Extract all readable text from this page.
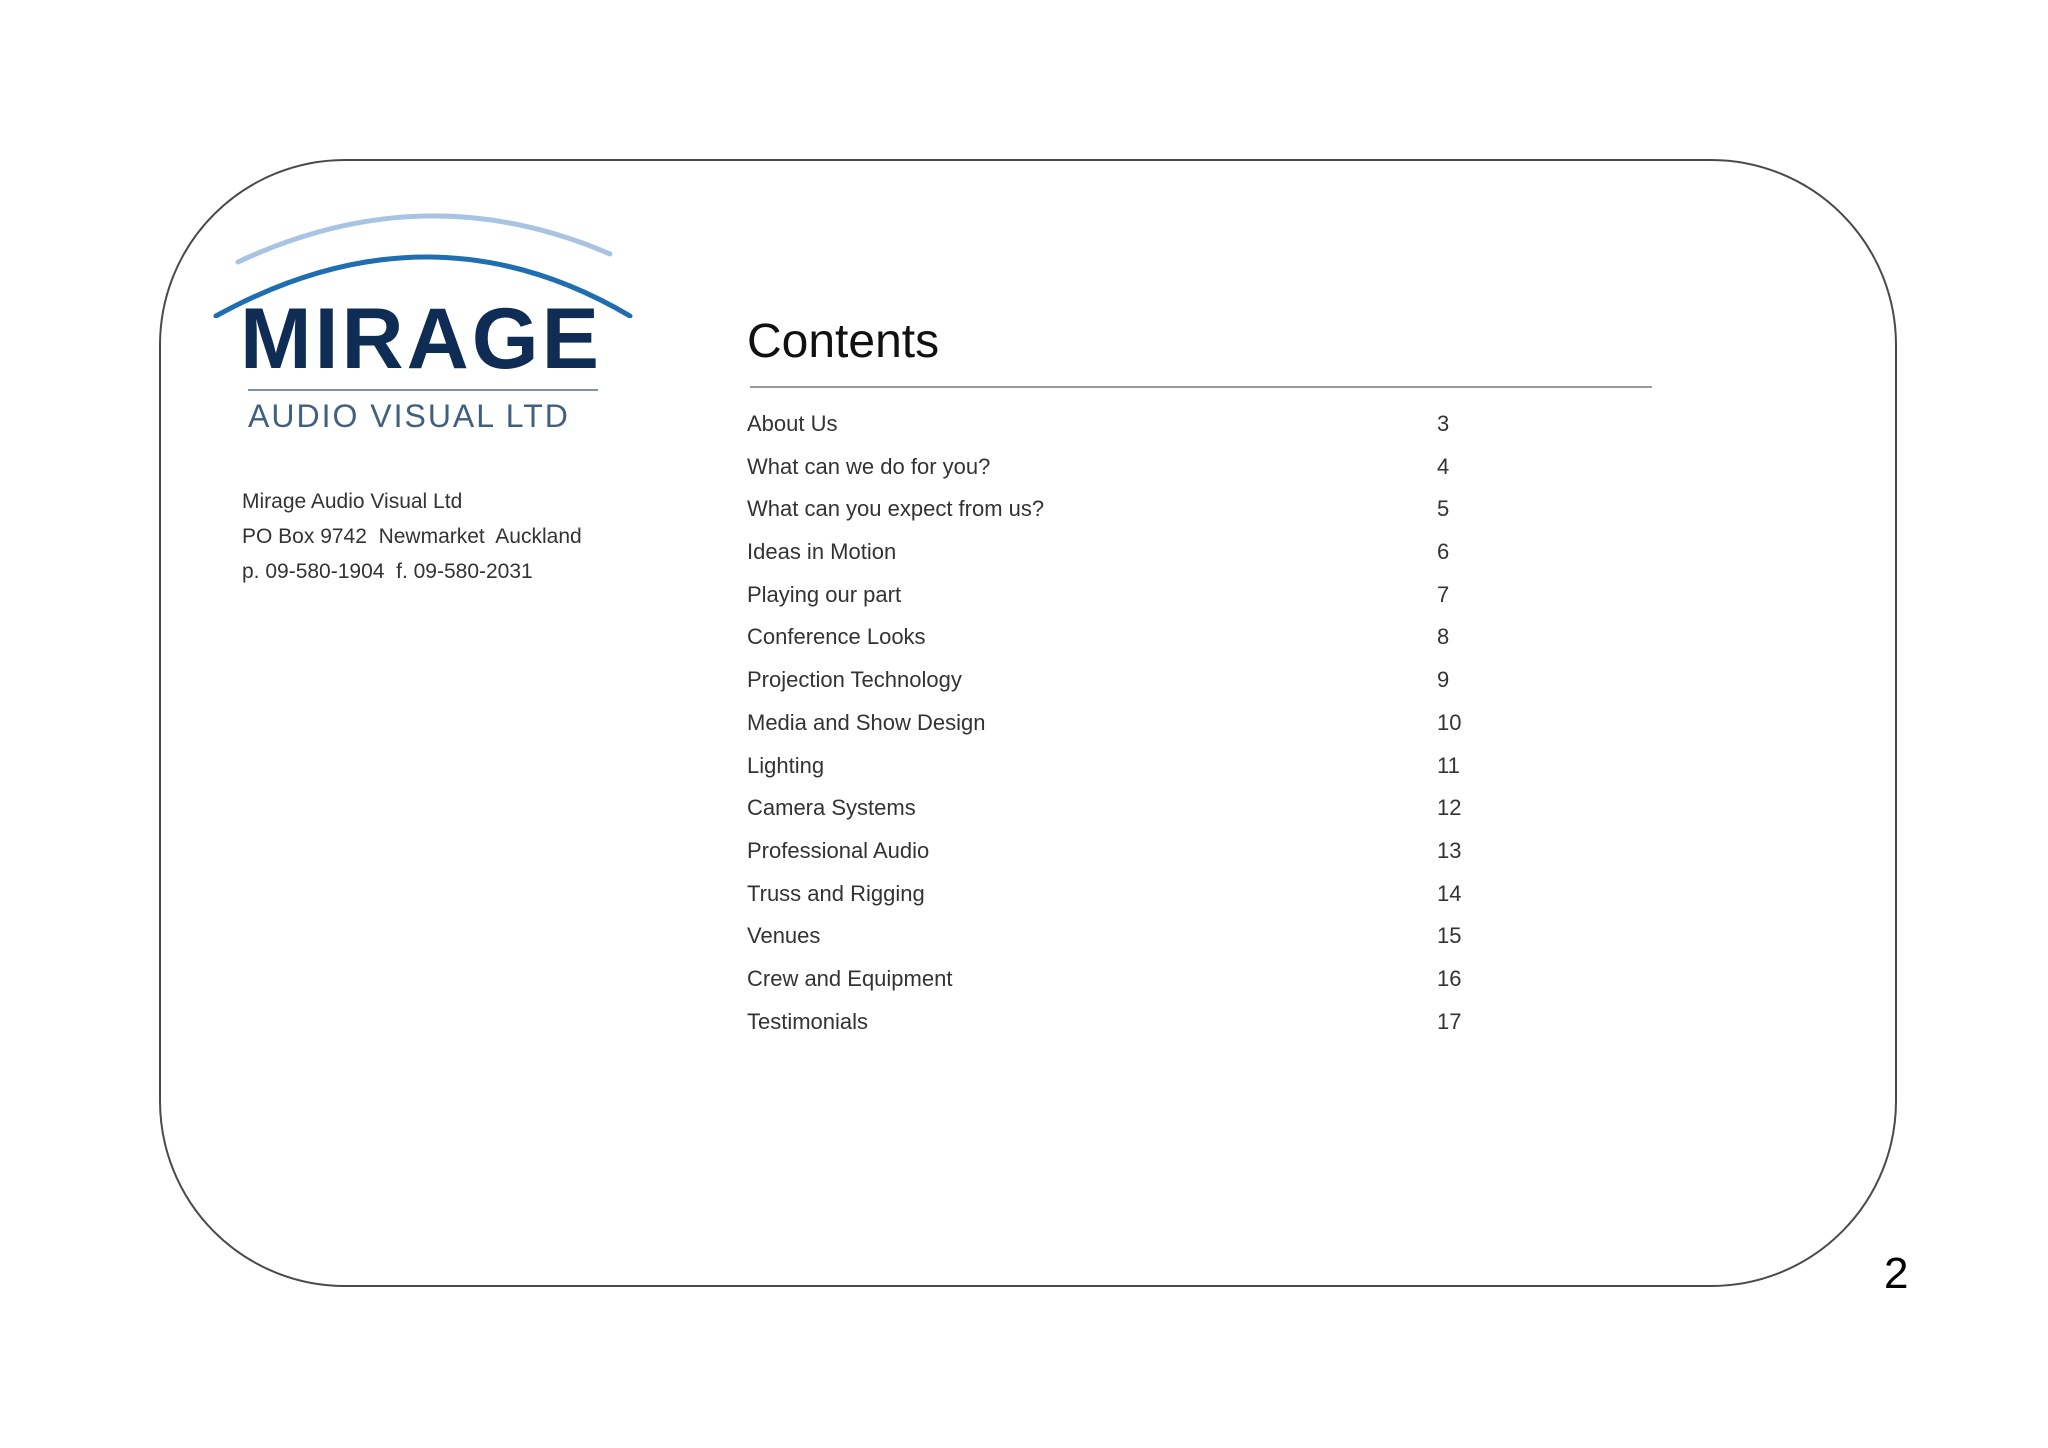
MIRAGE
AUDIO VISUAL LTD
Mirage Audio Visual Ltd
PO Box 9742  Newmarket  Auckland
p. 09-580-1904  f. 09-580-2031
Contents
About Us	3
What can we do for you?	4
What can you expect from us?	5
Ideas in Motion	6
Playing our part	7
Conference Looks	8
Projection Technology	9
Media and Show Design	10
Lighting	11
Camera Systems	12
Professional Audio	13
Truss and Rigging	14
Venues	15
Crew and Equipment	16
Testimonials	17
2
